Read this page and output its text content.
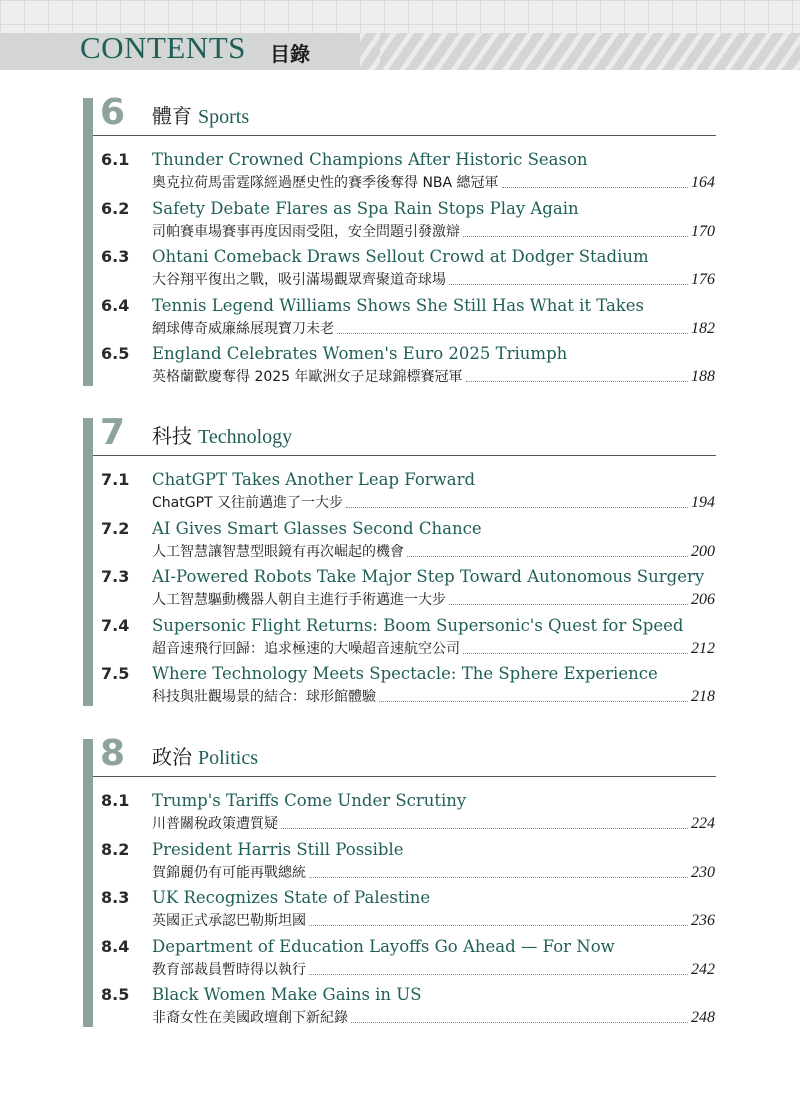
CONTENTS 目錄
6 體育 Sports
6.1 Thunder Crowned Champions After Historic Season
奧克拉荷馬雷霆隊經過歷史性的賽季後奪得 NBA 總冠軍	164
6.2 Safety Debate Flares as Spa Rain Stops Play Again
司帕賽車場賽事再度因雨受阻，安全問題引發激辯	170
6.3 Ohtani Comeback Draws Sellout Crowd at Dodger Stadium
大谷翔平復出之戰，吸引滿場觀眾齊聚道奇球場	176
6.4 Tennis Legend Williams Shows She Still Has What it Takes
網球傳奇威廉絲展現寶刀未老	182
6.5 England Celebrates Women's Euro 2025 Triumph
英格蘭歡慶奪得 2025 年歐洲女子足球錦標賽冠軍	188
7 科技 Technology
7.1 ChatGPT Takes Another Leap Forward
ChatGPT 又往前邁進了一大步	194
7.2 AI Gives Smart Glasses Second Chance
人工智慧讓智慧型眼鏡有再次崛起的機會	200
7.3 AI-Powered Robots Take Major Step Toward Autonomous Surgery
人工智慧驅動機器人朝自主進行手術邁進一大步	206
7.4 Supersonic Flight Returns: Boom Supersonic's Quest for Speed
超音速飛行回歸：追求極速的大噪超音速航空公司	212
7.5 Where Technology Meets Spectacle: The Sphere Experience
科技與壯觀場景的結合：球形館體驗	218
8 政治 Politics
8.1 Trump's Tariffs Come Under Scrutiny
川普關稅政策遭質疑	224
8.2 President Harris Still Possible
賀錦麗仍有可能再戰總統	230
8.3 UK Recognizes State of Palestine
英國正式承認巴勒斯坦國	236
8.4 Department of Education Layoffs Go Ahead — For Now
教育部裁員暫時得以執行	242
8.5 Black Women Make Gains in US
非裔女性在美國政壇創下新紀錄	248
